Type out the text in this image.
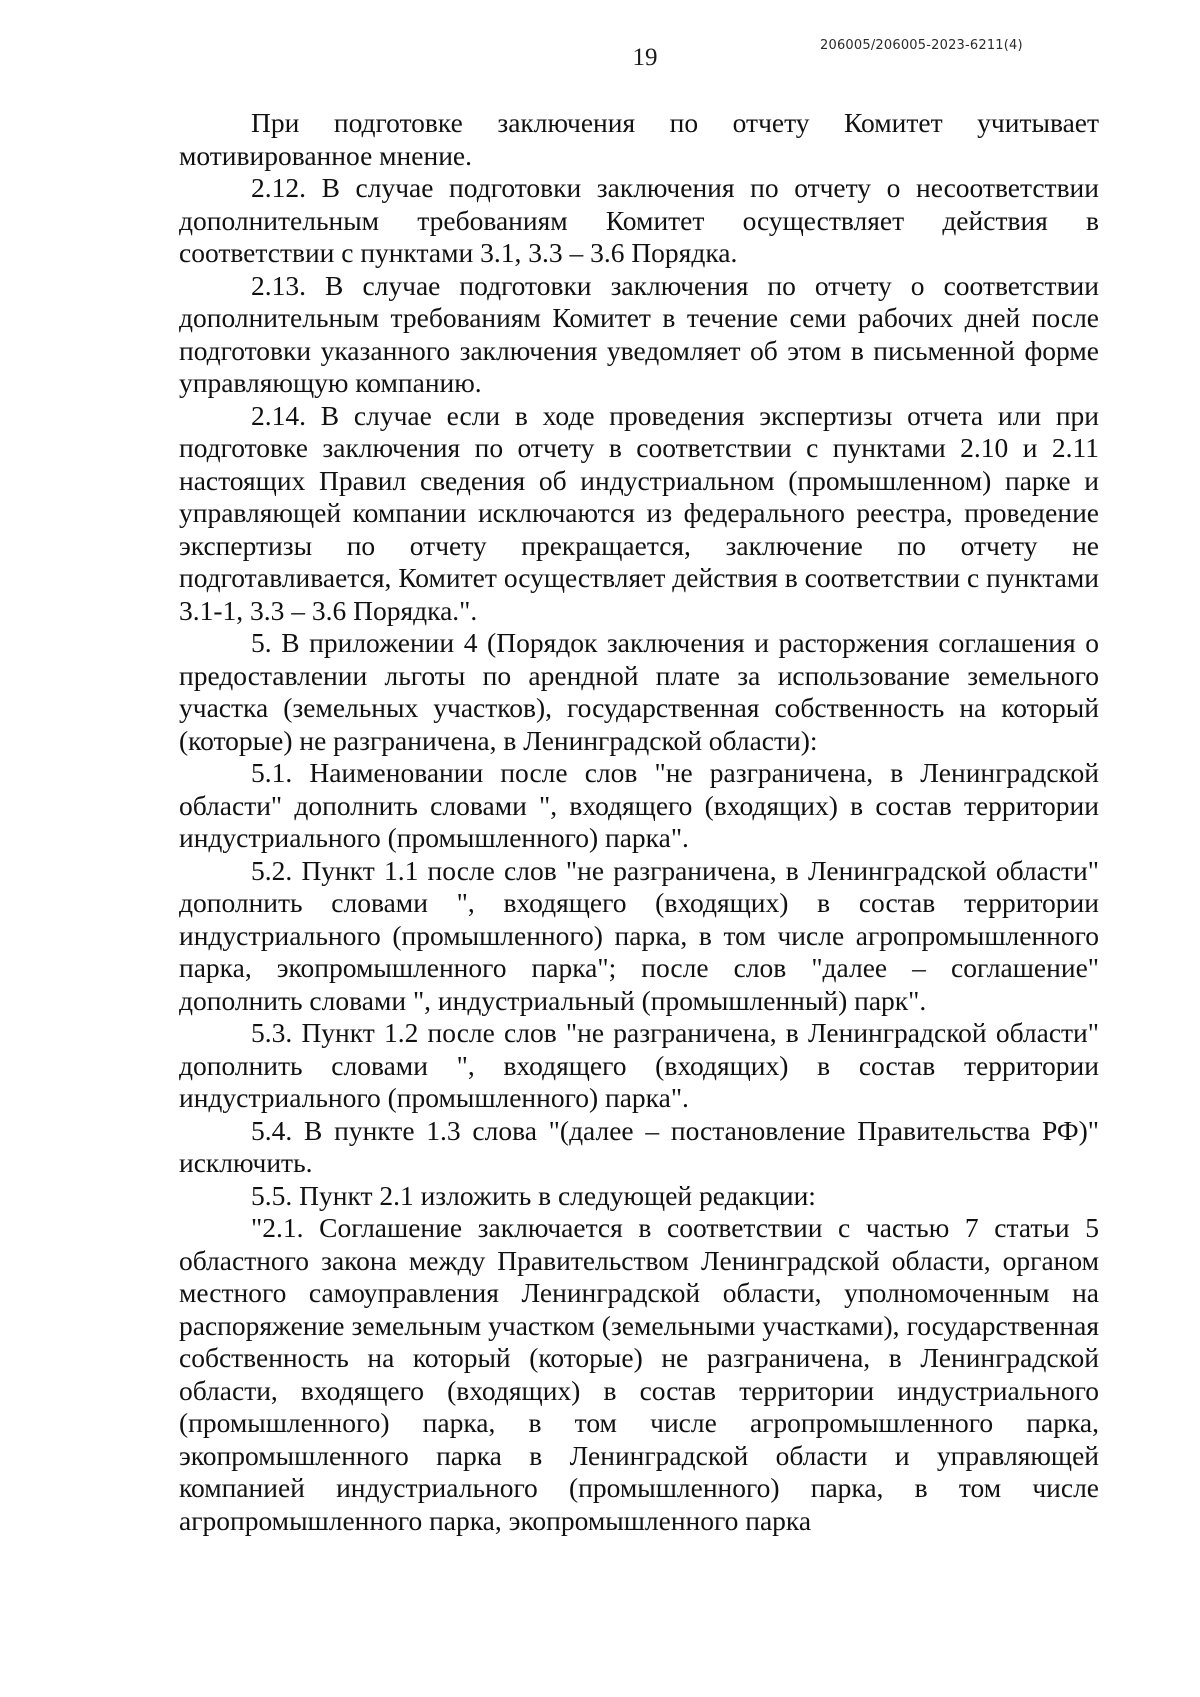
19	206005/206005-2023-6211(4)

При подготовке заключения по отчету Комитет учитывает мотивированное мнение.

2.12. В случае подготовки заключения по отчету о несоответствии дополнительным требованиям Комитет осуществляет действия в соответствии с пунктами 3.1, 3.3 – 3.6 Порядка.

2.13. В случае подготовки заключения по отчету о соответствии дополнительным требованиям Комитет в течение семи рабочих дней после подготовки указанного заключения уведомляет об этом в письменной форме управляющую компанию.

2.14. В случае если в ходе проведения экспертизы отчета или при подготовке заключения по отчету в соответствии с пунктами 2.10 и 2.11 настоящих Правил сведения об индустриальном (промышленном) парке и управляющей компании исключаются из федерального реестра, проведение экспертизы по отчету прекращается, заключение по отчету не подготавливается, Комитет осуществляет действия в соответствии с пунктами 3.1-1, 3.3 – 3.6 Порядка.".

5. В приложении 4 (Порядок заключения и расторжения соглашения о предоставлении льготы по арендной плате за использование земельного участка (земельных участков), государственная собственность на который (которые) не разграничена, в Ленинградской области):

5.1. Наименовании после слов "не разграничена, в Ленинградской области" дополнить словами ", входящего (входящих) в состав территории индустриального (промышленного) парка".

5.2. Пункт 1.1 после слов "не разграничена, в Ленинградской области" дополнить словами ", входящего (входящих) в состав территории индустриального (промышленного) парка, в том числе агропромышленного парка, экопромышленного парка"; после слов "далее – соглашение" дополнить словами ", индустриальный (промышленный) парк".

5.3. Пункт 1.2 после слов "не разграничена, в Ленинградской области" дополнить словами ", входящего (входящих) в состав территории индустриального (промышленного) парка".

5.4. В пункте 1.3 слова "(далее – постановление Правительства РФ)" исключить.

5.5. Пункт 2.1 изложить в следующей редакции:

"2.1. Соглашение заключается в соответствии с частью 7 статьи 5 областного закона между Правительством Ленинградской области, органом местного самоуправления Ленинградской области, уполномоченным на распоряжение земельным участком (земельными участками), государственная собственность на который (которые) не разграничена, в Ленинградской области, входящего (входящих) в состав территории индустриального (промышленного) парка, в том числе агропромышленного парка, экопромышленного парка в Ленинградской области и управляющей компанией индустриального (промышленного) парка, в том числе агропромышленного парка, экопромышленного парка
